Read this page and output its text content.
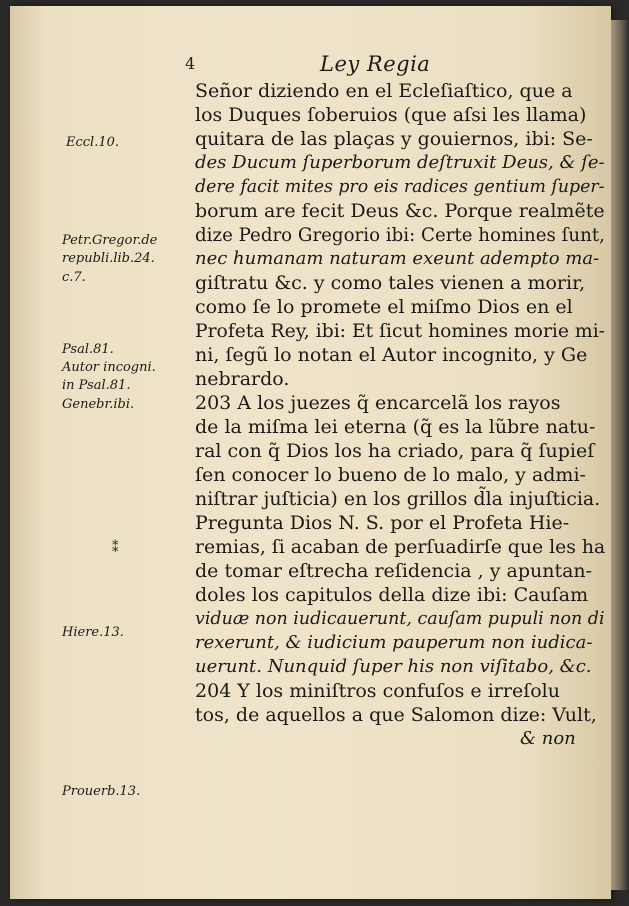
4	Ley Regia
Eccl.10.
Petr.Gregor.de
republi.lib.24.
c.7.
Psal.81.
Autor incogni.
in Psal.81.
Genebr.ibi.
Hiere.13.
Prouerb.13.
⁑
Señor diziendo en el Ecleſiaſtico, que a
los Duques ſoberuios (que aſsi les llama)
quitara de las plaças y gouiernos, ibi: Se-
des Ducum ſuperborum deſtruxit Deus, & ſe-
dere facit mites pro eis radices gentium ſuper-
borum are fecit Deus &c. Porque realmẽte
dize Pedro Gregorio ibi: Certe homines ſunt,
nec humanam naturam exeunt adempto ma-
giſtratu &c. y como tales vienen a morir,
como ſe lo promete el miſmo Dios en el
Profeta Rey, ibi: Et ſicut homines morie mi-
ni, ſegũ lo notan el Autor incognito, y Ge
nebrardo.
203 A los juezes q̃ encarcelã los rayos
de la miſma lei eterna (q̃ es la lũbre natu-
ral con q̃ Dios los ha criado, para q̃ ſupieſ
ſen conocer lo bueno de lo malo, y admi-
niſtrar juſticia) en los grillos d̃la injuſticia.
Pregunta Dios N. S. por el Profeta Hie-
remias, ſi acaban de perſuadirſe que les ha
de tomar eſtrecha reſidencia , y apuntan-
doles los capitulos della dize ibi: Cauſam
viduæ non iudicauerunt, cauſam pupuli non di
rexerunt, & iudicium pauperum non iudica-
uerunt. Nunquid ſuper his non viſitabo, &c.
204 Y los miniſtros confuſos e irreſolu
tos, de aquellos a que Salomon dize: Vult,
& non
